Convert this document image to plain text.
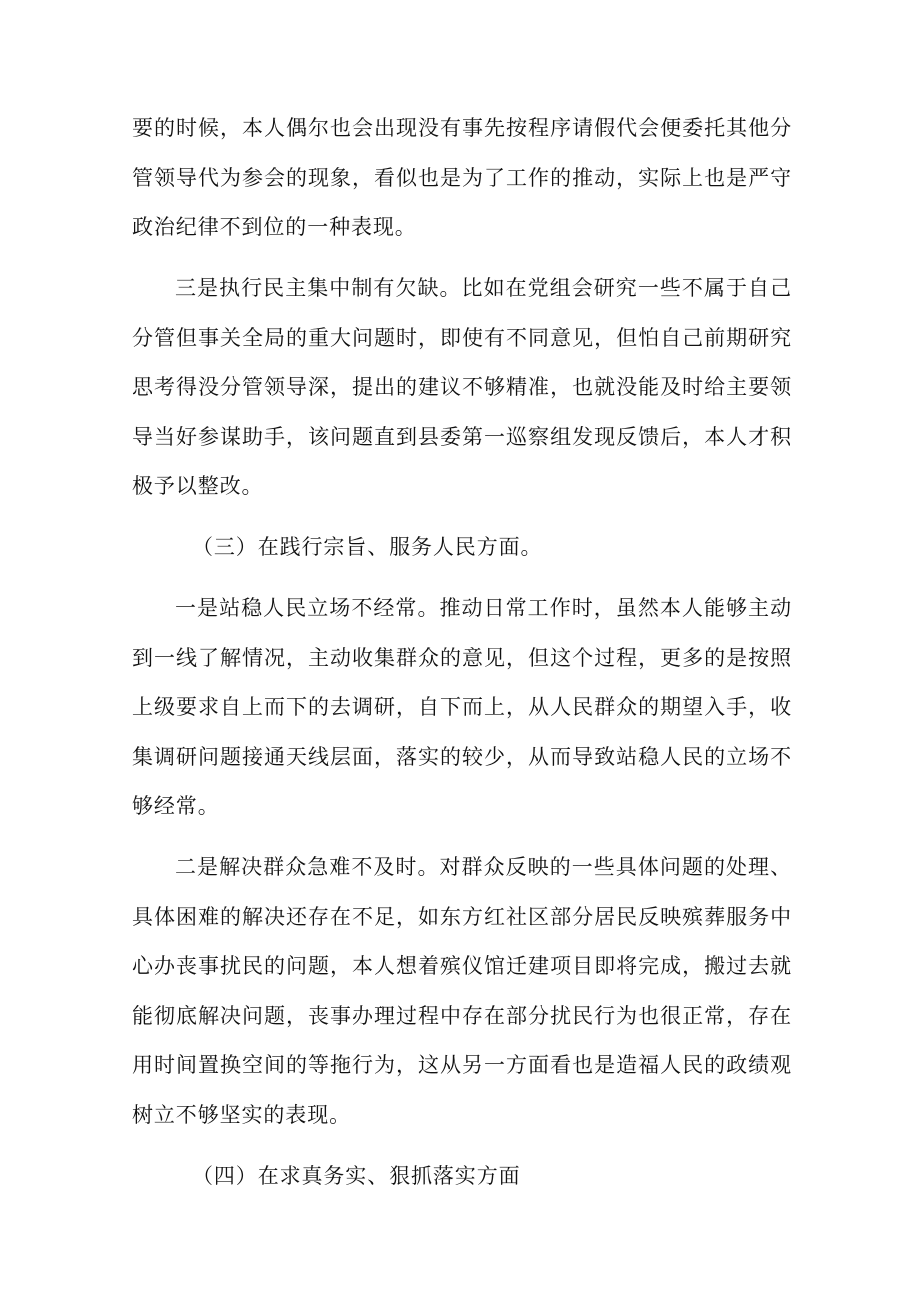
要的时候，本人偶尔也会出现没有事先按程序请假代会便委托其他分管领导代为参会的现象，看似也是为了工作的推动，实际上也是严守政治纪律不到位的一种表现。

三是执行民主集中制有欠缺。比如在党组会研究一些不属于自己分管但事关全局的重大问题时，即使有不同意见，但怕自己前期研究思考得没分管领导深，提出的建议不够精准，也就没能及时给主要领导当好参谋助手，该问题直到县委第一巡察组发现反馈后，本人才积极予以整改。

（三）在践行宗旨、服务人民方面。

一是站稳人民立场不经常。推动日常工作时，虽然本人能够主动到一线了解情况，主动收集群众的意见，但这个过程，更多的是按照上级要求自上而下的去调研，自下而上，从人民群众的期望入手，收集调研问题接通天线层面，落实的较少，从而导致站稳人民的立场不够经常。

二是解决群众急难不及时。对群众反映的一些具体问题的处理、具体困难的解决还存在不足，如东方红社区部分居民反映殡葬服务中心办丧事扰民的问题，本人想着殡仪馆迁建项目即将完成，搬过去就能彻底解决问题，丧事办理过程中存在部分扰民行为也很正常，存在用时间置换空间的等拖行为，这从另一方面看也是造福人民的政绩观树立不够坚实的表现。

（四）在求真务实、狠抓落实方面
